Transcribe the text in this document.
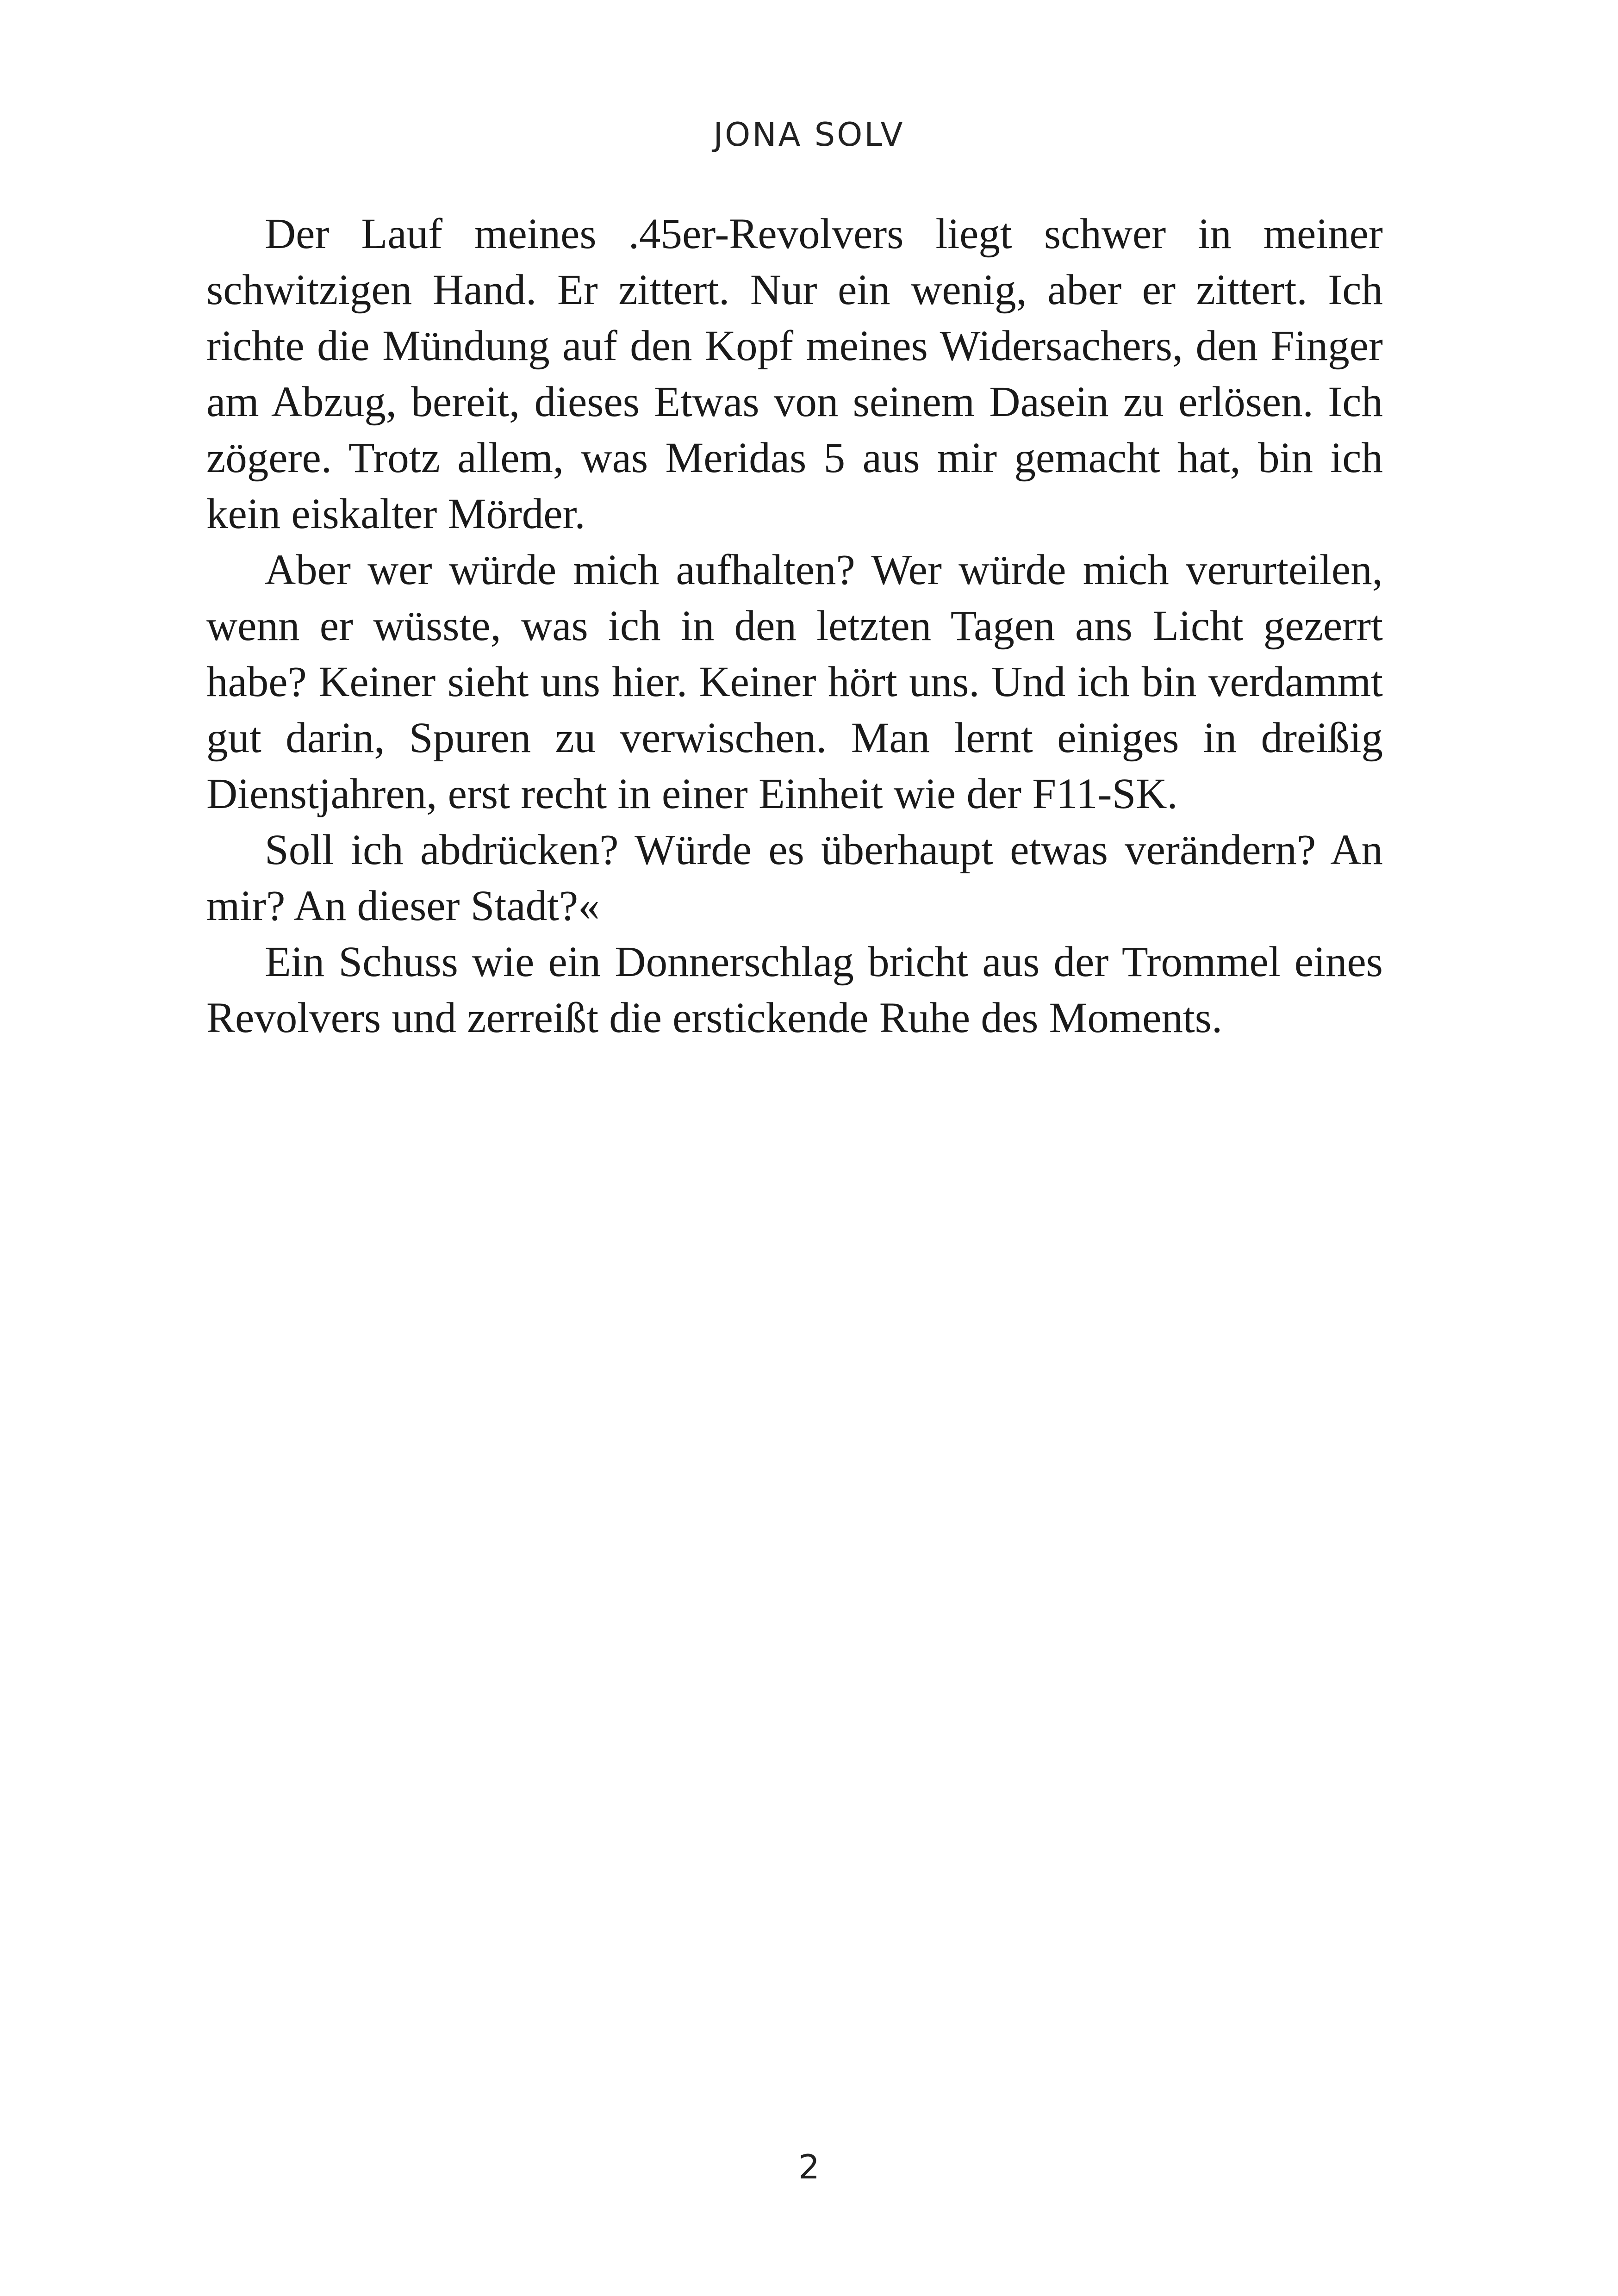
JONA SOLV

Der Lauf meines .45er-Revolvers liegt schwer in meiner schwitzigen Hand. Er zittert. Nur ein wenig, aber er zittert. Ich richte die Mündung auf den Kopf meines Widersachers, den Finger am Abzug, bereit, dieses Etwas von seinem Dasein zu erlösen. Ich zögere. Trotz allem, was Meridas 5 aus mir gemacht hat, bin ich kein eiskalter Mörder.

Aber wer würde mich aufhalten? Wer würde mich verurteilen, wenn er wüsste, was ich in den letzten Tagen ans Licht gezerrt habe? Keiner sieht uns hier. Keiner hört uns. Und ich bin verdammt gut darin, Spuren zu verwischen. Man lernt einiges in dreißig Dienstjahren, erst recht in einer Einheit wie der F11-SK.

Soll ich abdrücken? Würde es überhaupt etwas verändern? An mir? An dieser Stadt?«

Ein Schuss wie ein Donnerschlag bricht aus der Trommel eines Revolvers und zerreißt die erstickende Ruhe des Moments.

2
